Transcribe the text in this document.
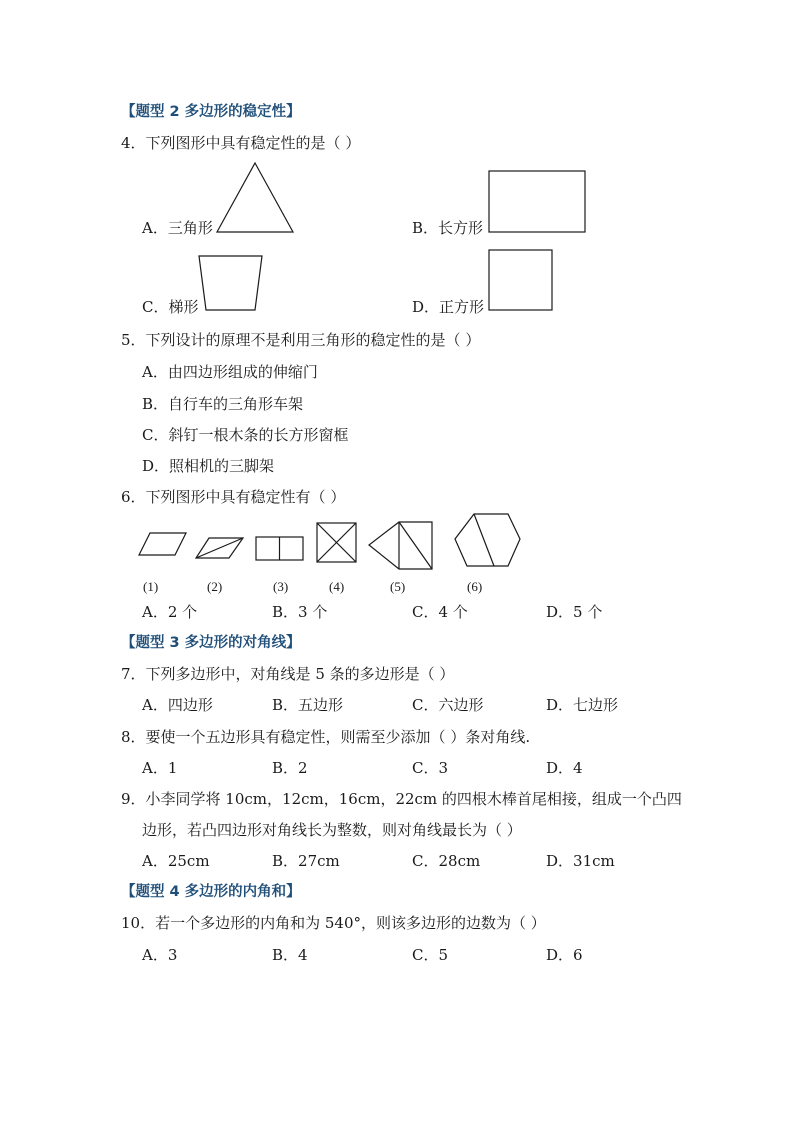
【题型 2 多边形的稳定性】
4．下列图形中具有稳定性的是（ ）
A．三角形	B．长方形
C．梯形	D．正方形
5．下列设计的原理不是利用三角形的稳定性的是（ ）
A．由四边形组成的伸缩门
B．自行车的三角形车架
C．斜钉一根木条的长方形窗框
D．照相机的三脚架
6．下列图形中具有稳定性有（ ）
(1)	(2)	(3)	(4)	(5)	(6)
A．2 个	B．3 个	C．4 个	D．5 个
【题型 3 多边形的对角线】
7．下列多边形中，对角线是 5 条的多边形是（ ）
A．四边形	B．五边形	C．六边形	D．七边形
8．要使一个五边形具有稳定性，则需至少添加（ ）条对角线.
A．1	B．2	C．3	D．4
9．小李同学将 10cm，12cm，16cm，22cm 的四根木棒首尾相接，组成一个凸四
边形，若凸四边形对角线长为整数，则对角线最长为（ ）
A．25cm	B．27cm	C．28cm	D．31cm
【题型 4 多边形的内角和】
10．若一个多边形的内角和为 540°，则该多边形的边数为（ ）
A．3	B．4	C．5	D．6
